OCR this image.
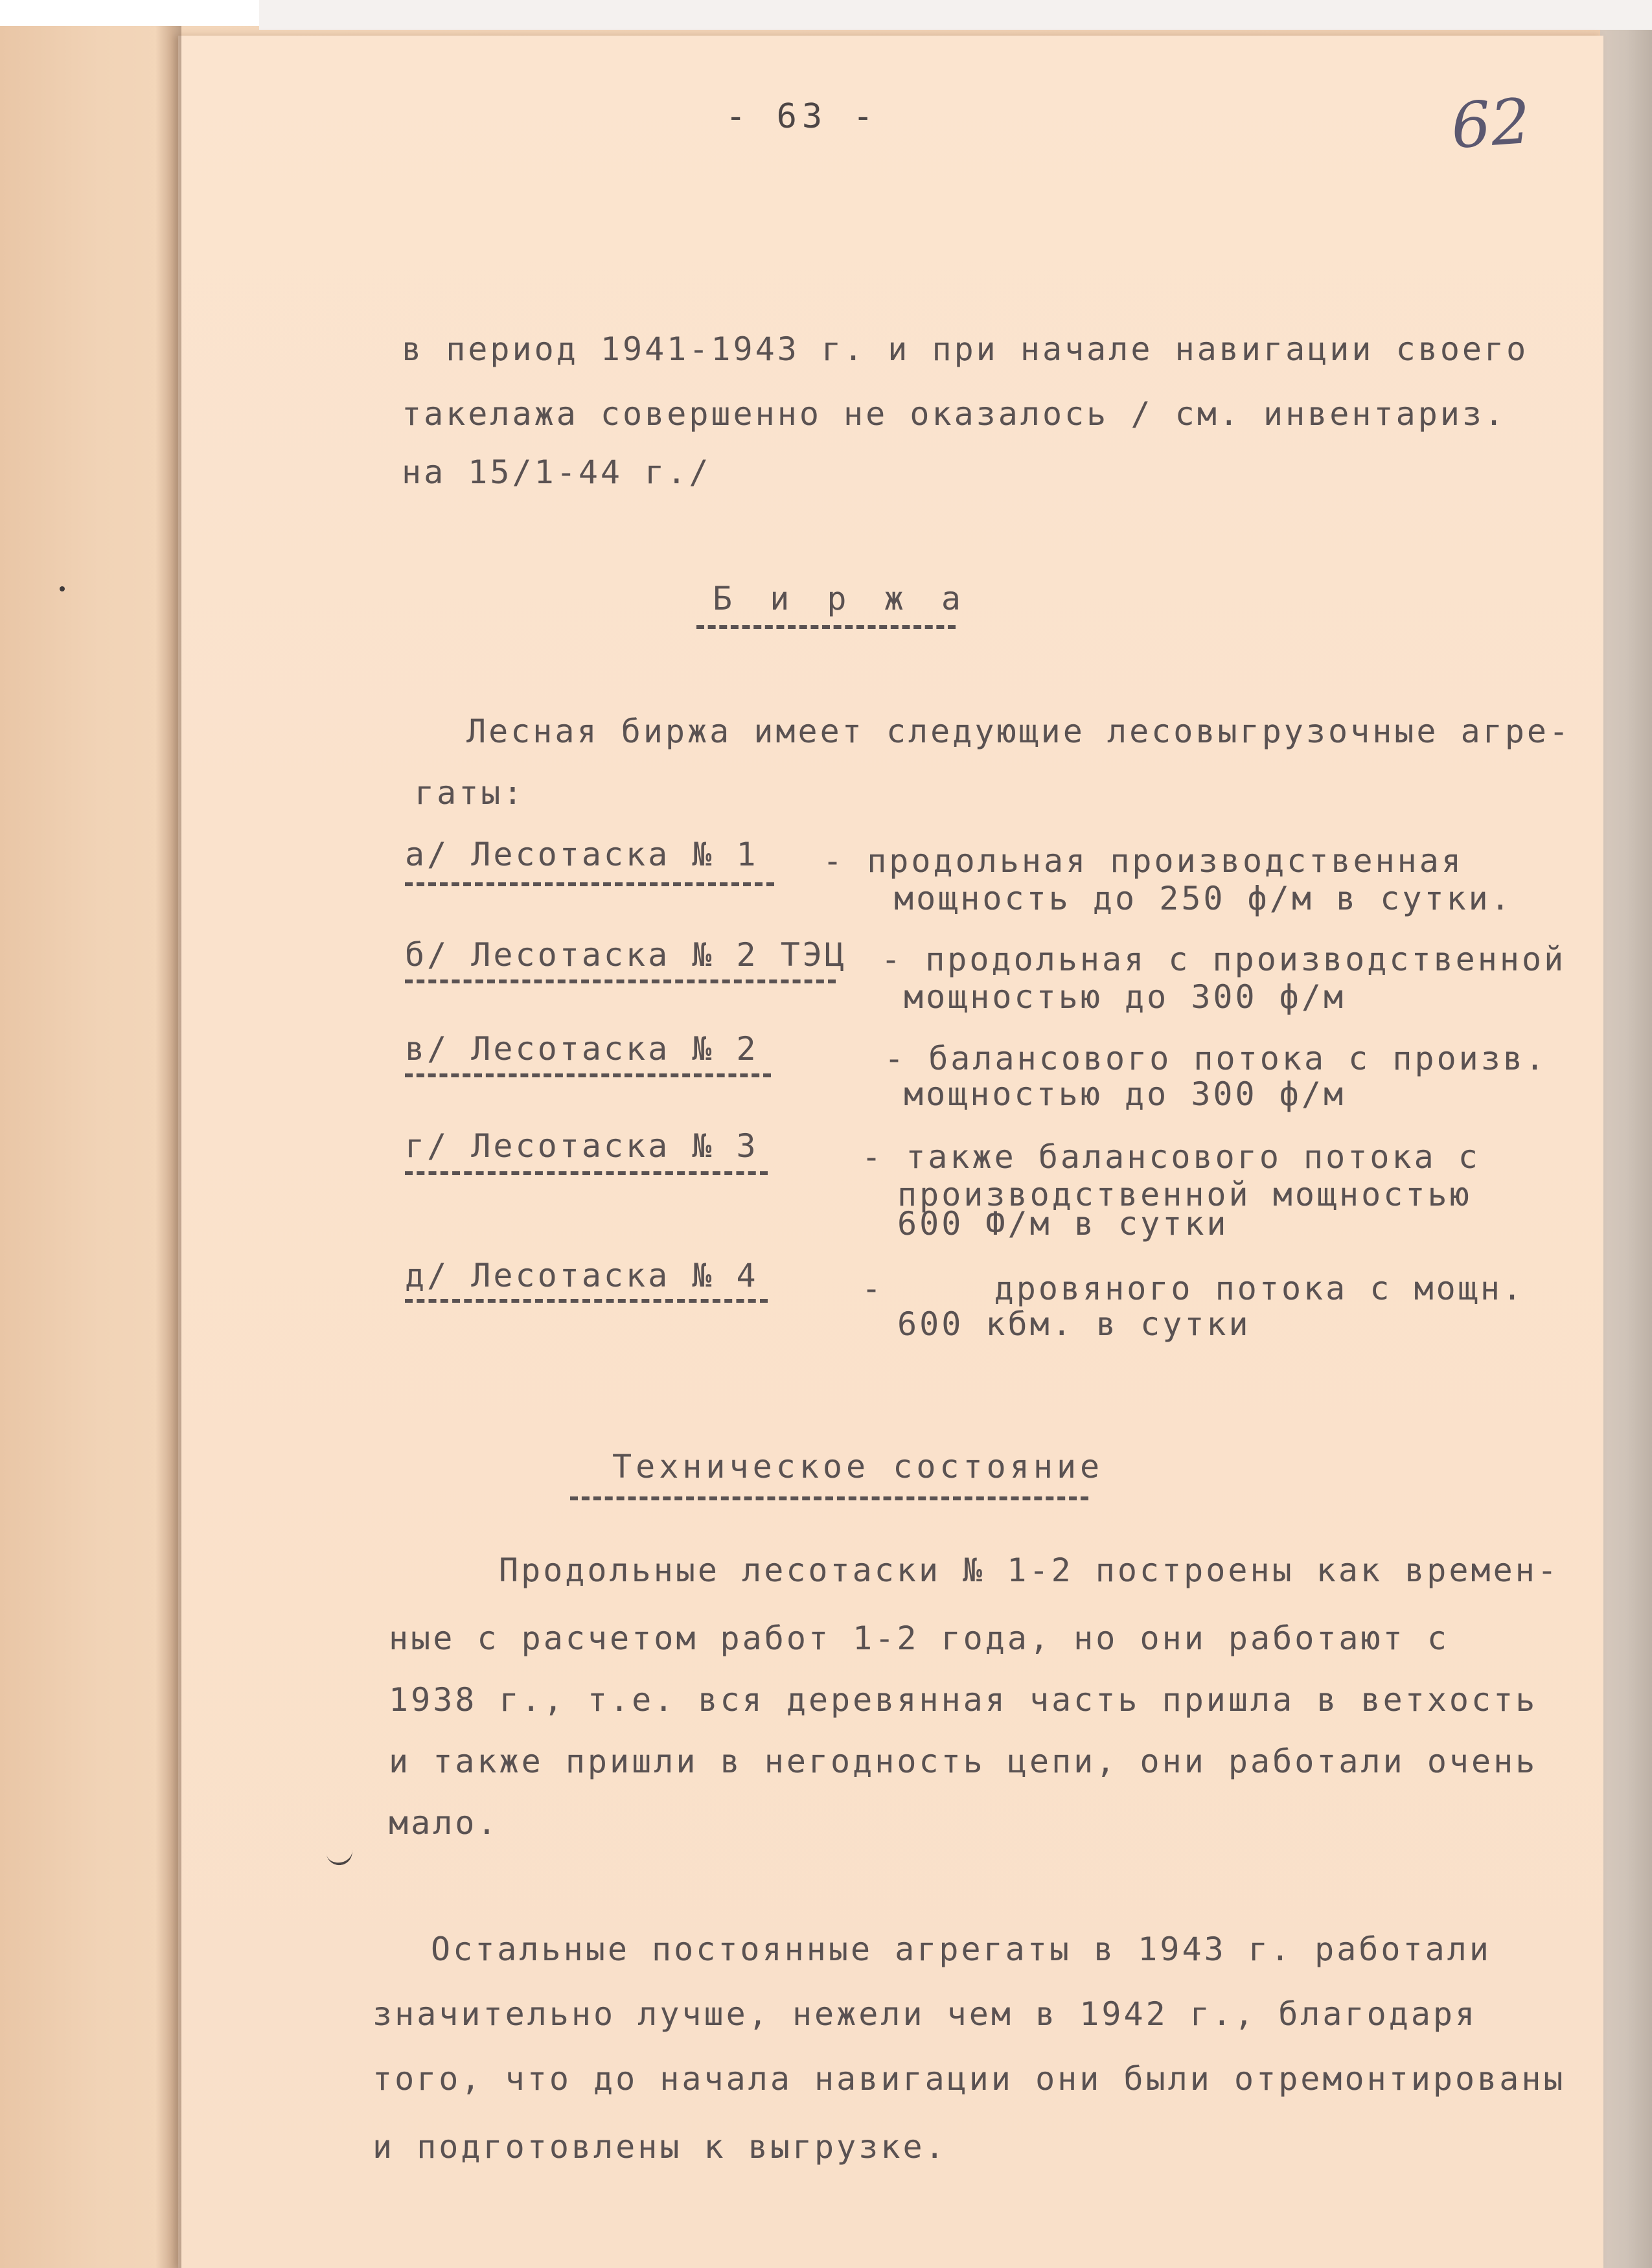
- 63 -	62
в период 1941-1943 г. и при начале навигации своего
такелажа совершенно не оказалось / см. инвентариз.
на 15/1-44 г./
Б и р ж а
Лесная биржа имеет следующие лесовыгрузочные агре-
гаты:
а/ Лесотаска № 1 - продольная производственная
мощность до 250 ф/м в сутки.
б/ Лесотаска № 2 ТЭЦ - продольная с производственной
мощностью до 300 ф/м
в/ Лесотаска № 2	- балансового потока с произв.
мощностью до 300 ф/м
г/ Лесотаска № 3	- также балансового потока с
производственной мощностью
600 Ф/м в сутки
д/ Лесотаска № 4	-     дровяного потока с мощн.
600 кбм. в сутки
Техническое состояние
Продольные лесотаски № 1-2 построены как времен-
ные с расчетом работ 1-2 года, но они работают с
1938 г., т.е. вся деревянная часть пришла в ветхость
и также пришли в негодность цепи, они работали очень
мало.
Остальные постоянные агрегаты в 1943 г. работали
значительно лучше, нежели чем в 1942 г., благодаря
того, что до начала навигации они были отремонтированы
и подготовлены к выгрузке.
